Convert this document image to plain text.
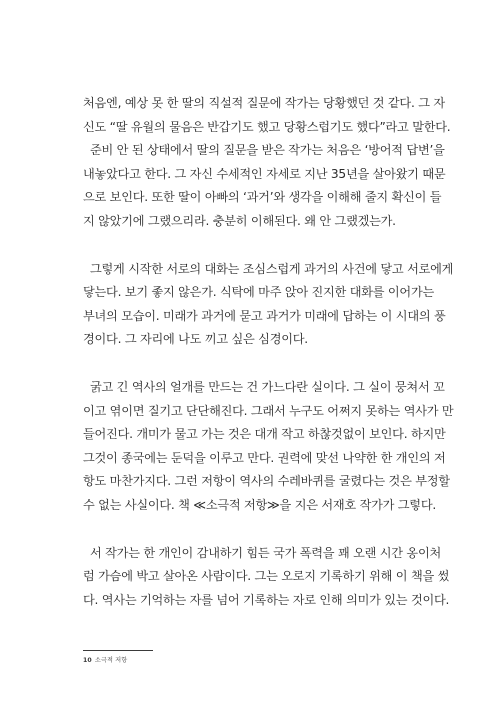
처음엔, 예상 못 한 딸의 직설적 질문에 작가는 당황했던 것 같다. 그 자

신도 “딸 유월의 물음은 반갑기도 했고 당황스럽기도 했다”라고 말한다.

준비 안 된 상태에서 딸의 질문을 받은 작가는 처음은 ‘방어적 답변’을

내놓았다고 한다. 그 자신 수세적인 자세로 지난 35년을 살아왔기 때문

으로 보인다. 또한 딸이 아빠의 ‘과거’와 생각을 이해해 줄지 확신이 들

지 않았기에 그랬으리라. 충분히 이해된다. 왜 안 그랬겠는가.

그렇게 시작한 서로의 대화는 조심스럽게 과거의 사건에 닿고 서로에게

닿는다. 보기 좋지 않은가. 식탁에 마주 앉아 진지한 대화를 이어가는

부녀의 모습이. 미래가 과거에 묻고 과거가 미래에 답하는 이 시대의 풍

경이다. 그 자리에 나도 끼고 싶은 심경이다.

굵고 긴 역사의 얼개를 만드는 건 가느다란 실이다. 그 실이 뭉쳐서 꼬

이고 엮이면 질기고 단단해진다. 그래서 누구도 어쩌지 못하는 역사가 만

들어진다. 개미가 물고 가는 것은 대개 작고 하찮것없이 보인다. 하지만

그것이 종국에는 둔덕을 이루고 만다. 권력에 맞선 나약한 한 개인의 저

항도 마찬가지다. 그런 저항이 역사의 수레바퀴를 굴렸다는 것은 부정할

수 없는 사실이다. 책 ≪소극적 저항≫을 지은 서재호 작가가 그렇다.

서 작가는 한 개인이 감내하기 힘든 국가 폭력을 꽤 오랜 시간 옹이처

럼 가슴에 박고 살아온 사람이다. 그는 오로지 기록하기 위해 이 책을 썼

다. 역사는 기억하는 자를 넘어 기록하는 자로 인해 의미가 있는 것이다.

10 소극적 저항
